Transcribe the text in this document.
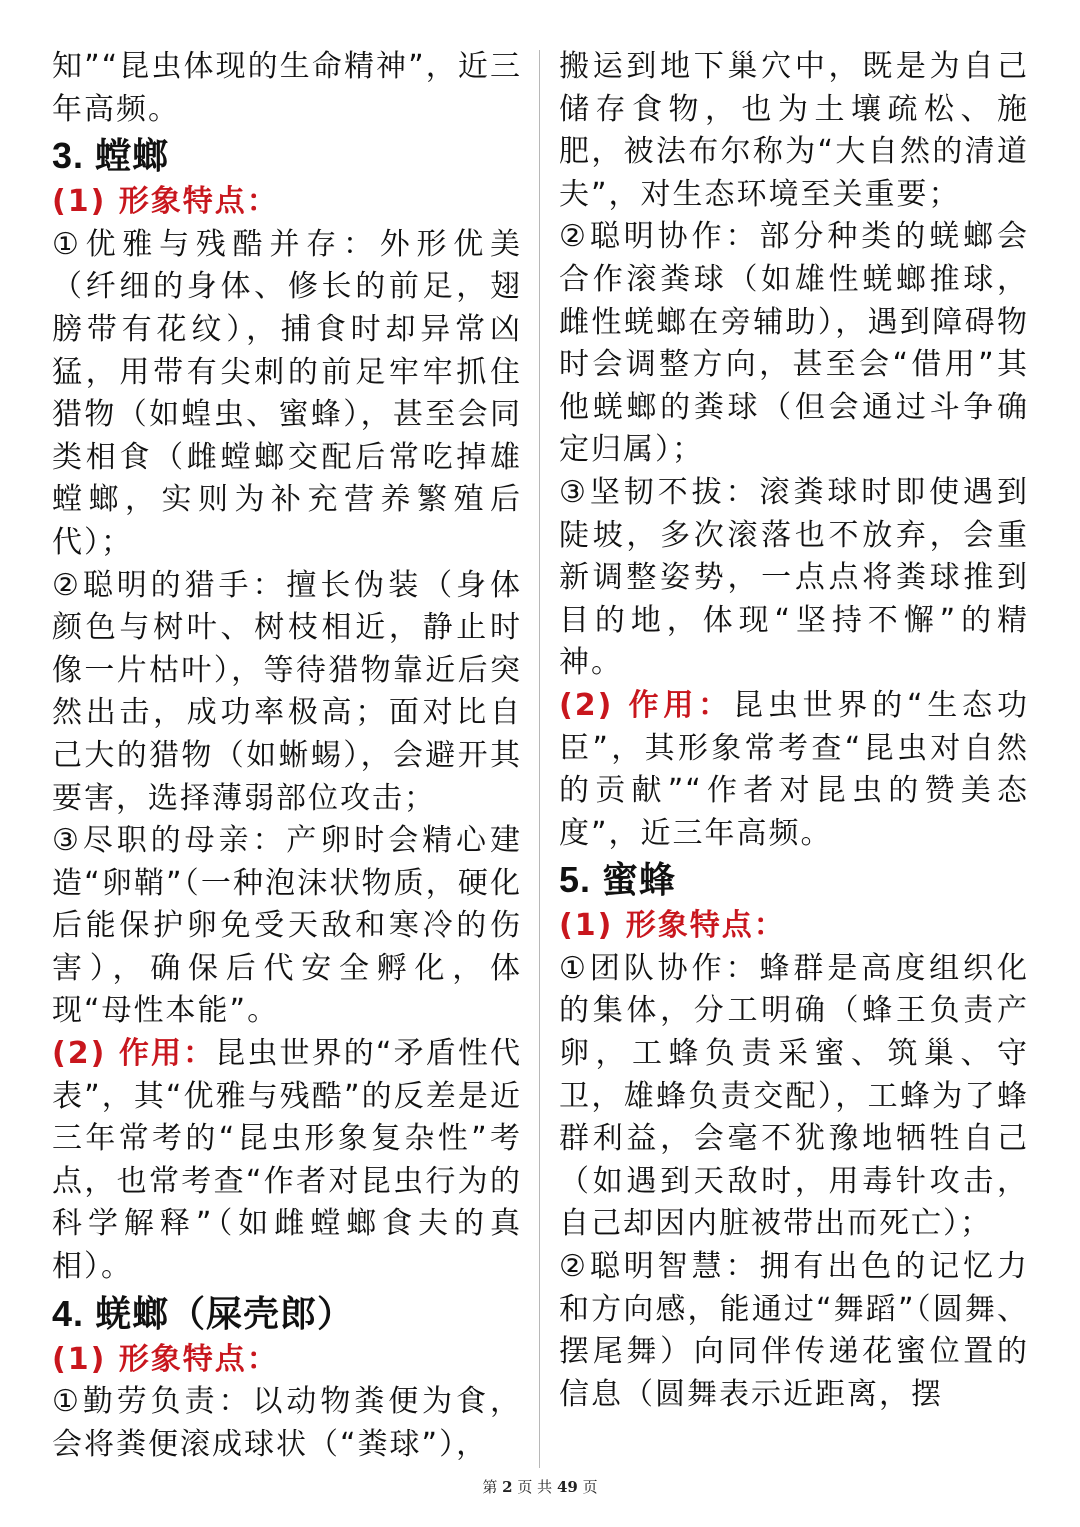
知”“昆虫体现的生命精神”，近三年高频。

3. 螳螂

(1) 形象特点：

①优雅与残酷并存：外形优美（纤细的身体、修长的前足，翅膀带有花纹），捕食时却异常凶猛，用带有尖刺的前足牢牢抓住猎物（如蝗虫、蜜蜂），甚至会同类相食（雌螳螂交配后常吃掉雄螳螂，实则为补充营养繁殖后代）；

②聪明的猎手：擅长伪装（身体颜色与树叶、树枝相近，静止时像一片枯叶），等待猎物靠近后突然出击，成功率极高；面对比自己大的猎物（如蜥蜴），会避开其要害，选择薄弱部位攻击；

③尽职的母亲：产卵时会精心建造“卵鞘”（一种泡沫状物质，硬化后能保护卵免受天敌和寒冷的伤害），确保后代安全孵化，体现“母性本能”。

(2) 作用：昆虫世界的“矛盾性代表”，其“优雅与残酷”的反差是近三年常考的“昆虫形象复杂性”考点，也常考查“作者对昆虫行为的科学解释”（如雌螳螂食夫的真相）。

4. 蜣螂（屎壳郎）

(1) 形象特点：

①勤劳负责：以动物粪便为食，会将粪便滚成球状（“粪球”），

搬运到地下巢穴中，既是为自己储存食物，也为土壤疏松、施肥，被法布尔称为“大自然的清道夫”，对生态环境至关重要；

②聪明协作：部分种类的蜣螂会合作滚粪球（如雄性蜣螂推球，雌性蜣螂在旁辅助），遇到障碍物时会调整方向，甚至会“借用”其他蜣螂的粪球（但会通过斗争确定归属）；

③坚韧不拔：滚粪球时即使遇到陡坡，多次滚落也不放弃，会重新调整姿势，一点点将粪球推到目的地，体现“坚持不懈”的精神。

(2) 作用：昆虫世界的“生态功臣”，其形象常考查“昆虫对自然的贡献”“作者对昆虫的赞美态度”，近三年高频。

5. 蜜蜂

(1) 形象特点：

①团队协作：蜂群是高度组织化的集体，分工明确（蜂王负责产卵，工蜂负责采蜜、筑巢、守卫，雄蜂负责交配），工蜂为了蜂群利益，会毫不犹豫地牺牲自己（如遇到天敌时，用毒针攻击，自己却因内脏被带出而死亡）；

②聪明智慧：拥有出色的记忆力和方向感，能通过“舞蹈”（圆舞、摆尾舞）向同伴传递花蜜位置的信息（圆舞表示近距离，摆

第 2 页 共 49 页
